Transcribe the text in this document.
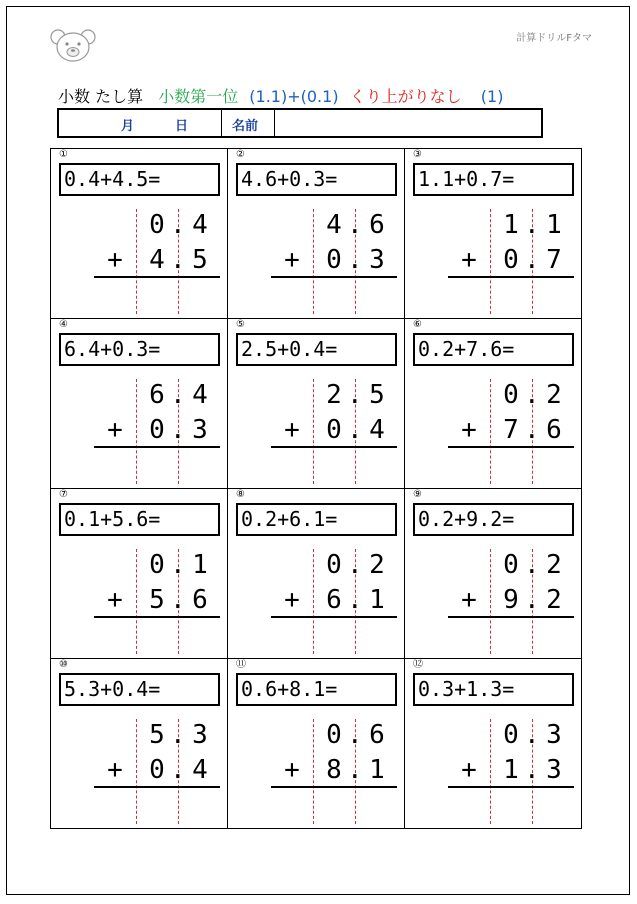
計算ドリルFタマ
小数 たし算 小数第一位 (1.1)+(0.1) くり上がりなし (1)
月	日	名前
①
0.4+4.5=
0 . 4
+ 4 . 5
②
4.6+0.3=
4 . 6
+ 0 . 3
③
1.1+0.7=
1 . 1
+ 0 . 7
④
6.4+0.3=
6 . 4
+ 0 . 3
⑤
2.5+0.4=
2 . 5
+ 0 . 4
⑥
0.2+7.6=
0 . 2
+ 7 . 6
⑦
0.1+5.6=
0 . 1
+ 5 . 6
⑧
0.2+6.1=
0 . 2
+ 6 . 1
⑨
0.2+9.2=
0 . 2
+ 9 . 2
⑩
5.3+0.4=
5 . 3
+ 0 . 4
⑪
0.6+8.1=
0 . 6
+ 8 . 1
⑫
0.3+1.3=
0 . 3
+ 1 . 3
